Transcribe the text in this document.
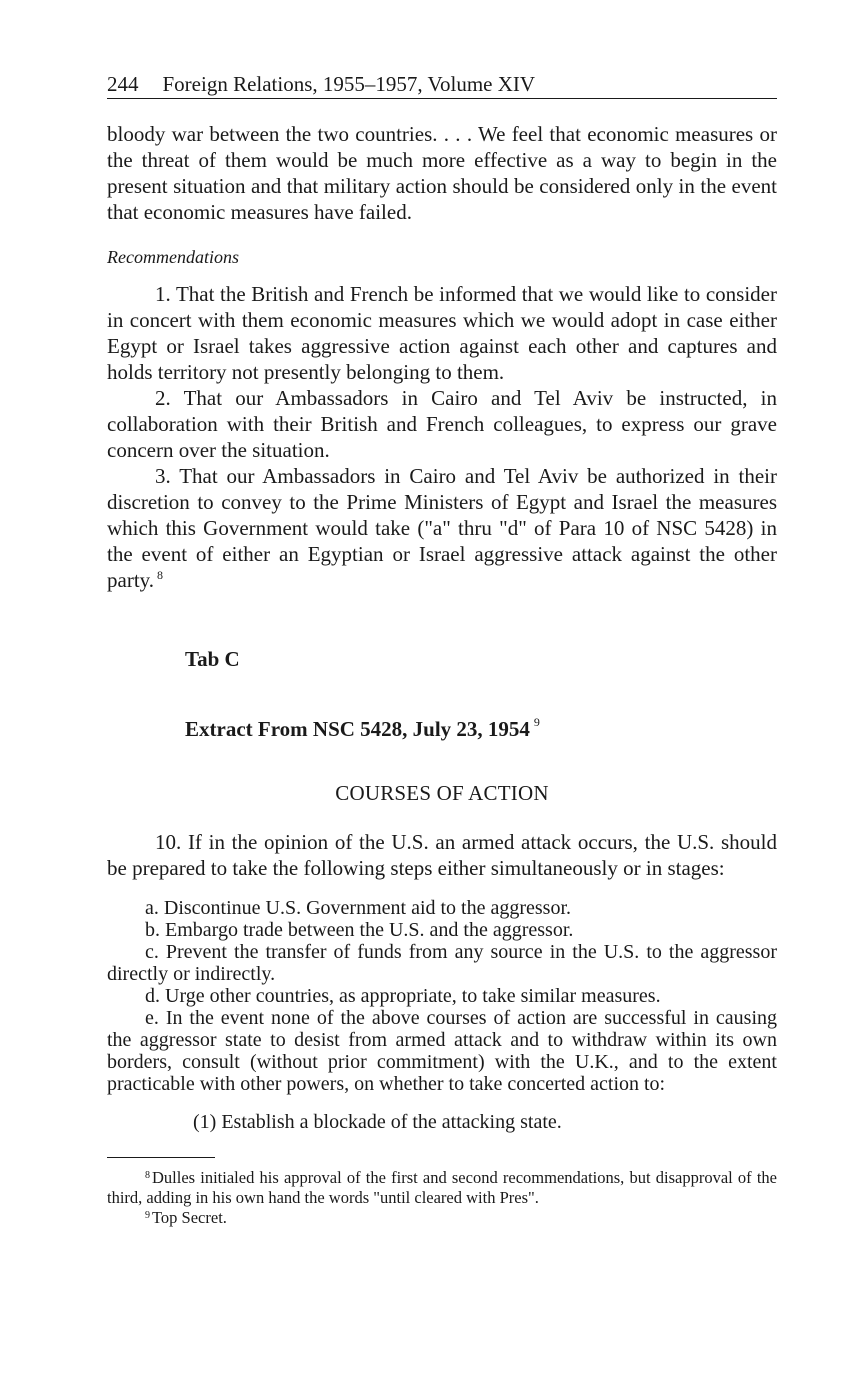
244 Foreign Relations, 1955–1957, Volume XIV

bloody war between the two countries. . . . We feel that economic measures or the threat of them would be much more effective as a way to begin in the present situation and that military action should be considered only in the event that economic measures have failed.

Recommendations

1. That the British and French be informed that we would like to consider in concert with them economic measures which we would adopt in case either Egypt or Israel takes aggressive action against each other and captures and holds territory not presently belonging to them.

2. That our Ambassadors in Cairo and Tel Aviv be instructed, in collaboration with their British and French colleagues, to express our grave concern over the situation.

3. That our Ambassadors in Cairo and Tel Aviv be authorized in their discretion to convey to the Prime Ministers of Egypt and Israel the measures which this Government would take ("a" thru "d" of Para 10 of NSC 5428) in the event of either an Egyptian or Israel aggressive attack against the other party. $^8$

Tab C

Extract From NSC 5428, July 23, 1954 $^9$

COURSES OF ACTION

10. If in the opinion of the U.S. an armed attack occurs, the U.S. should be prepared to take the following steps either simultaneously or in stages:

a. Discontinue U.S. Government aid to the aggressor.

b. Embargo trade between the U.S. and the aggressor.

c. Prevent the transfer of funds from any source in the U.S. to the aggressor directly or indirectly.

d. Urge other countries, as appropriate, to take similar measures.

e. In the event none of the above courses of action are successful in causing the aggressor state to desist from armed attack and to withdraw within its own borders, consult (without prior commitment) with the U.K., and to the extent practicable with other powers, on whether to take concerted action to:

(1) Establish a blockade of the attacking state.

$^8$ Dulles initialed his approval of the first and second recommendations, but disapproval of the third, adding in his own hand the words "until cleared with Pres".

$^9$ Top Secret.
